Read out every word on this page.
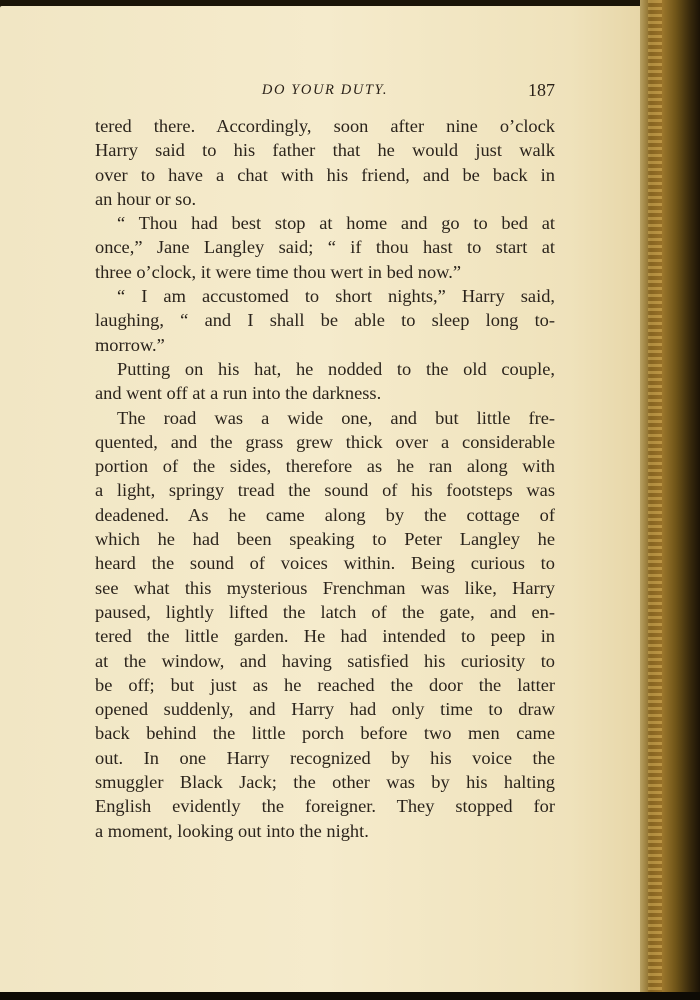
DO YOUR DUTY.	187

tered there. Accordingly, soon after nine o’clock
Harry said to his father that he would just walk
over to have a chat with his friend, and be back in
an hour or so.

“ Thou had best stop at home and go to bed at
once,” Jane Langley said; “ if thou hast to start at
three o’clock, it were time thou wert in bed now.”

“ I am accustomed to short nights,” Harry said,
laughing, “ and I shall be able to sleep long to-
morrow.”

Putting on his hat, he nodded to the old couple,
and went off at a run into the darkness.

The road was a wide one, and but little fre-
quented, and the grass grew thick over a considerable
portion of the sides, therefore as he ran along with
a light, springy tread the sound of his footsteps was
deadened. As he came along by the cottage of
which he had been speaking to Peter Langley he
heard the sound of voices within. Being curious to
see what this mysterious Frenchman was like, Harry
paused, lightly lifted the latch of the gate, and en-
tered the little garden. He had intended to peep in
at the window, and having satisfied his curiosity to
be off; but just as he reached the door the latter
opened suddenly, and Harry had only time to draw
back behind the little porch before two men came
out. In one Harry recognized by his voice the
smuggler Black Jack; the other was by his halting
English evidently the foreigner. They stopped for
a moment, looking out into the night.
